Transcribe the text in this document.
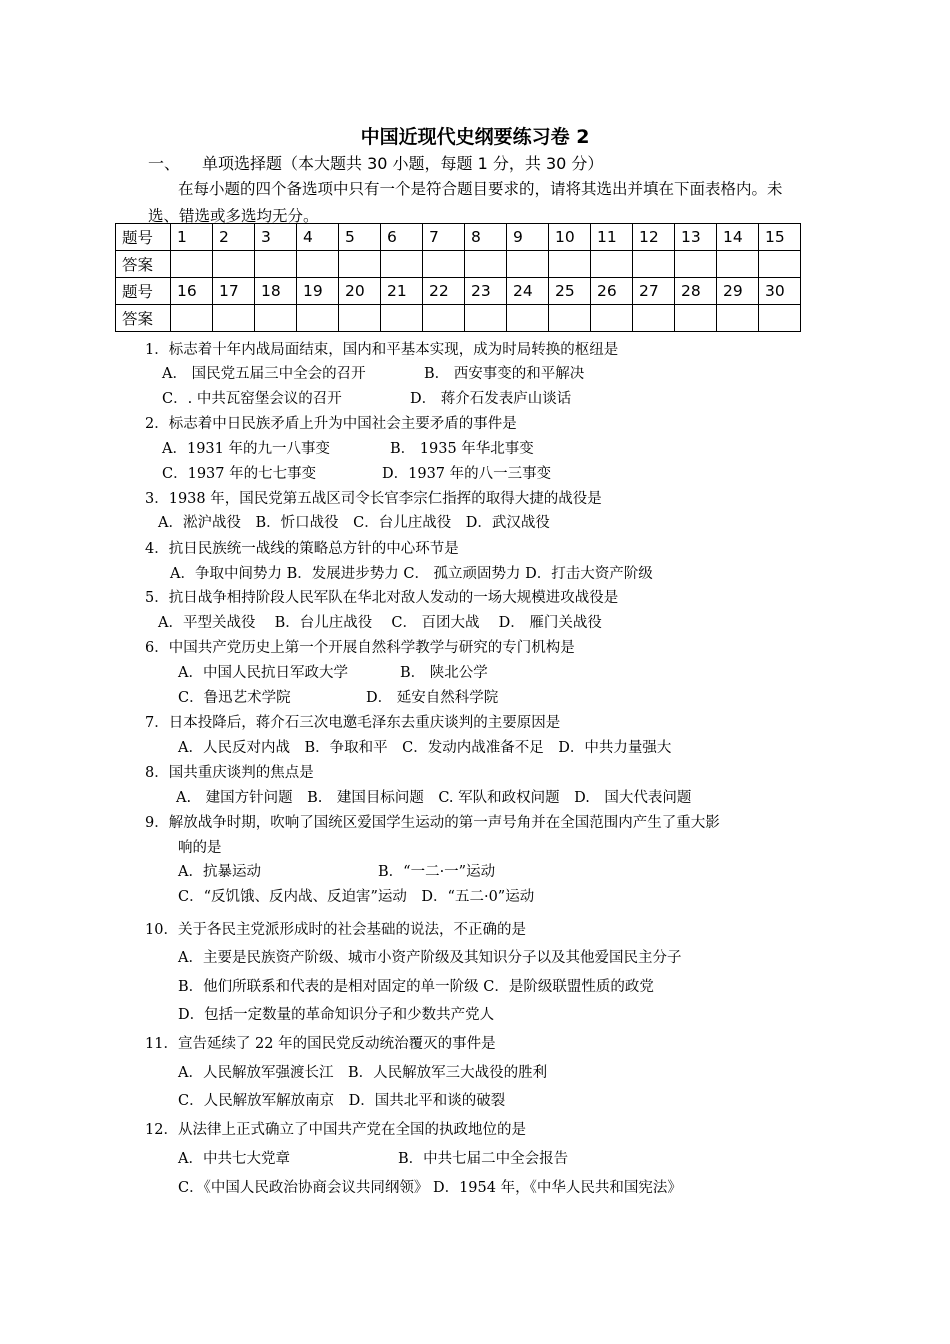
中国近现代史纲要练习卷 2
一、 单项选择题（本大题共 30 小题，每题 1 分，共 30 分）
在每小题的四个备选项中只有一个是符合题目要求的，请将其选出并填在下面表格内。未选、错选或多选均无分。
题号	1	2	3	4	5	6	7	8	9	10	11	12	13	14	15
答案															
题号	16	17	18	19	20	21	22	23	24	25	26	27	28	29	30
答案															
1．标志着十年内战局面结束，国内和平基本实现，成为时局转换的枢纽是
A． 国民党五届三中全会的召开	B． 西安事变的和平解决
C．. 中共瓦窑堡会议的召开	D． 蒋介石发表庐山谈话
2．标志着中日民族矛盾上升为中国社会主要矛盾的事件是
A．1931 年的九一八事变	B． 1935 年华北事变
C．1937 年的七七事变	D．1937 年的八一三事变
3．1938 年，国民党第五战区司令长官李宗仁指挥的取得大捷的战役是
A．淞沪战役　B．忻口战役　C．台儿庄战役　D．武汉战役
4．抗日民族统一战线的策略总方针的中心环节是
A．争取中间势力 B．发展进步势力 C． 孤立顽固势力 D．打击大资产阶级
5．抗日战争相持阶段人民军队在华北对敌人发动的一场大规模进攻战役是
A．平型关战役　 B．台儿庄战役　 C． 百团大战　 D． 雁门关战役
6．中国共产党历史上第一个开展自然科学教学与研究的专门机构是
A．中国人民抗日军政大学	B． 陕北公学
C．鲁迅艺术学院	D． 延安自然科学院
7．日本投降后，蒋介石三次电邀毛泽东去重庆谈判的主要原因是
A．人民反对内战　B．争取和平　C．发动内战准备不足　D．中共力量强大
8．国共重庆谈判的焦点是
A.　建国方针问题　B.　建国目标问题　C. 军队和政权问题　D.　国大代表问题
9．解放战争时期，吹响了国统区爱国学生运动的第一声号角并在全国范围内产生了重大影
响的是
A．抗暴运动	B．“一二·一”运动
C．“反饥饿、反内战、反迫害”运动　D．“五二·0”运动
10．关于各民主党派形成时的社会基础的说法，不正确的是
A．主要是民族资产阶级、城市小资产阶级及其知识分子以及其他爱国民主分子
B．他们所联系和代表的是相对固定的单一阶级 C．是阶级联盟性质的政党
D．包括一定数量的革命知识分子和少数共产党人
11．宣告延续了 22 年的国民党反动统治覆灭的事件是
A．人民解放军强渡长江　B．人民解放军三大战役的胜利
C．人民解放军解放南京　D．国共北平和谈的破裂
12．从法律上正式确立了中国共产党在全国的执政地位的是
A．中共七大党章	B．中共七届二中全会报告
C．《中国人民政治协商会议共同纲领》 D．1954 年，《中华人民共和国宪法》
